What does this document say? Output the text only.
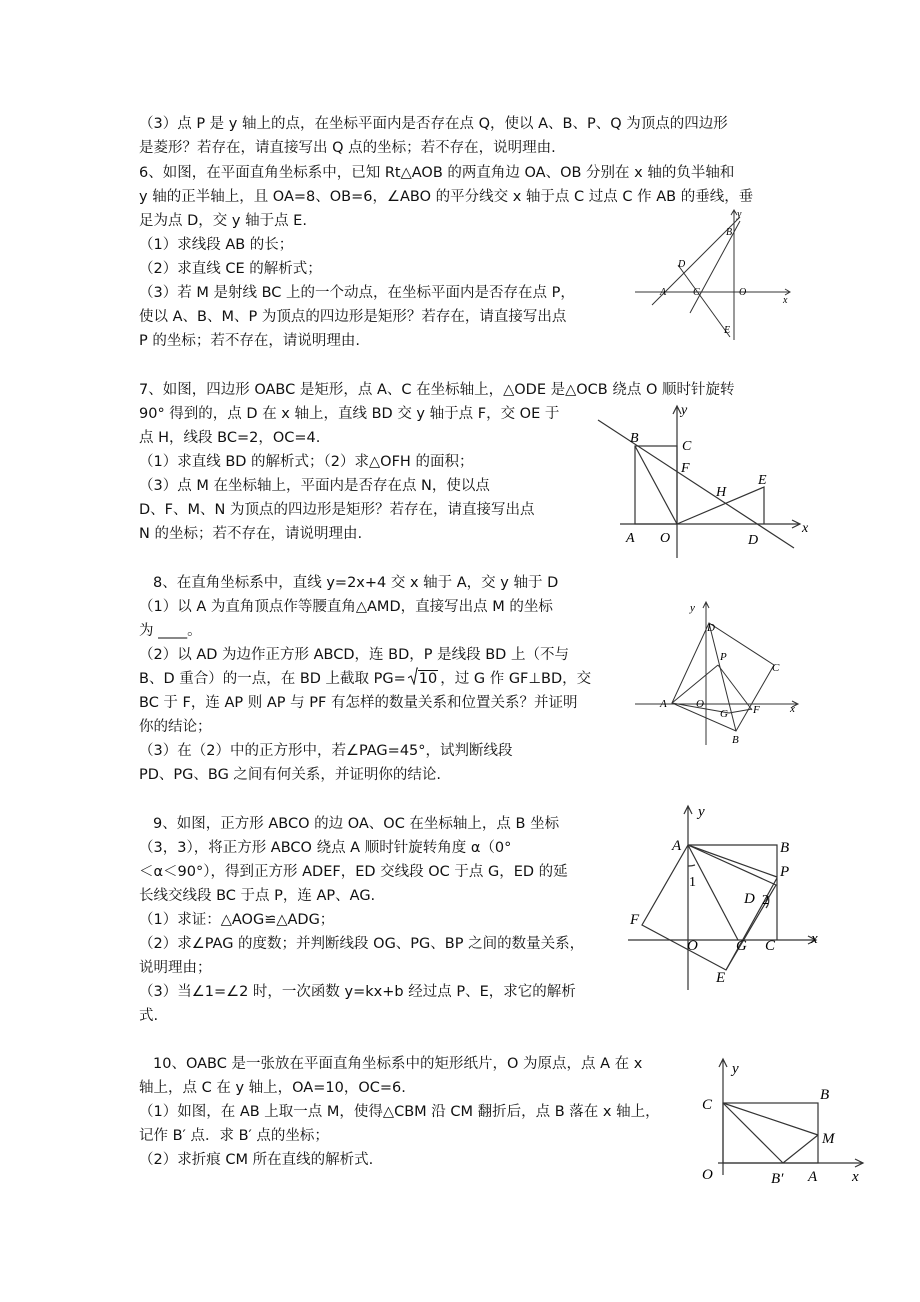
（3）点 P 是 y 轴上的点，在坐标平面内是否存在点 Q，使以 A、B、P、Q 为顶点的四边形
是菱形？若存在，请直接写出 Q 点的坐标；若不存在，说明理由.
6、如图，在平面直角坐标系中，已知 Rt△AOB 的两直角边 OA、OB 分别在 x 轴的负半轴和
y 轴的正半轴上，且 OA=8、OB=6，∠ABO 的平分线交 x 轴于点 C 过点 C 作 AB 的垂线，垂
足为点 D，交 y 轴于点 E.
（1）求线段 AB 的长；
（2）求直线 CE 的解析式；
（3）若 M 是射线 BC 上的一个动点，在坐标平面内是否存在点 P，
使以 A、B、M、P 为顶点的四边形是矩形？若存在，请直接写出点
P 的坐标；若不存在，请说明理由.
y
x
B
D
A	C	O
E
7、如图，四边形 OABC 是矩形，点 A、C 在坐标轴上，△ODE 是△OCB 绕点 O 顺时针旋转
90° 得到的，点 D 在 x 轴上，直线 BD 交 y 轴于点 F，交 OE 于
点 H，线段 BC=2，OC=4.
（1）求直线 BD 的解析式；（2）求△OFH 的面积；
（3）点 M 在坐标轴上，平面内是否存在点 N，使以点
D、F、M、N 为顶点的四边形是矩形？若存在，请直接写出点
N 的坐标；若不存在，请说明理由.
y
x
B
C
F
H
E
A O	D
8、在直角坐标系中，直线 y=2x+4 交 x 轴于 A，交 y 轴于 D
（1）以 A 为直角顶点作等腰直角△AMD，直接写出点 M 的坐标
为 ____。
（2）以 AD 为边作正方形 ABCD，连 BD，P 是线段 BD 上（不与
B、D 重合）的一点，在 BD 上截取 PG= 10 ，过 G 作 GF⊥BD，交
BC 于 F，连 AP 则 AP 与 PF 有怎样的数量关系和位置关系？并证明
你的结论；
（3）在（2）中的正方形中，若∠PAG=45°，试判断线段
PD、PG、BG 之间有何关系，并证明你的结论.
y
D
P
C
A	O
G F	x
B
9、如图，正方形 ABCO 的边 OA、OC 在坐标轴上，点 B 坐标
（3，3），将正方形 ABCO 绕点 A 顺时针旋转角度 α（0°
＜α＜90°），得到正方形 ADEF，ED 交线段 OC 于点 G，ED 的延
长线交线段 BC 于点 P，连 AP、AG.
（1）求证：△AOG≌△ADG；
（2）求∠PAG 的度数；并判断线段 OG、PG、BP 之间的数量关系，
说明理由；
（3）当∠1=∠2 时，一次函数 y=kx+b 经过点 P、E，求它的解析
式.
y
A	B
P
1
D 2
F
O	G C x
E
10、OABC 是一张放在平面直角坐标系中的矩形纸片，O 为原点，点 A 在 x
轴上，点 C 在 y 轴上，OA=10，OC=6.
（1）如图，在 AB 上取一点 M，使得△CBM 沿 CM 翻折后，点 B 落在 x 轴上，
记作 B′ 点．求 B′ 点的坐标；
（2）求折痕 CM 所在直线的解析式.
y
C
B
M
O	B′ A x
